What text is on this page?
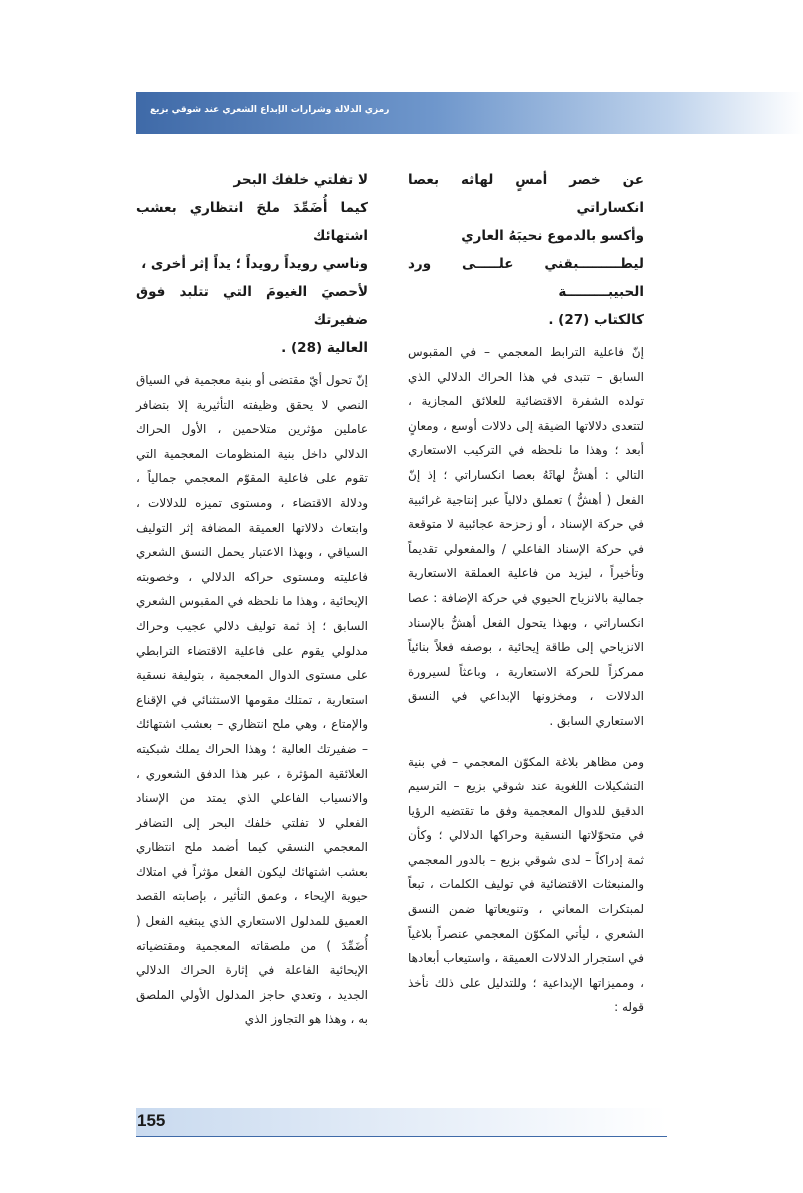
رمزي الدلالة وشرارات الإبداع الشعري عند شوقي بزيع

عن خصر أمسٍ لهاثه بعصا انكساراتي

وأكسو بالدموع نحيبَهُ العاري

ليطـــــــــبقني علـــــى ورد الحبيبـــــــــة

كالكتاب (27) .

إنّ فاعلية الترابط المعجمي – في المقبوس السابق – تتبدى في هذا الحراك الدلالي الذي تولده الشفرة الاقتضائية للعلائق المجازية ، لتتعدى دلالاتها الضيقة إلى دلالات أوسع ، ومعانٍ أبعد ؛ وهذا ما نلحظه في التركيب الاستعاري التالي : أهشُّ لهاثَهُ بعصا انكساراتي ؛ إذ إنّ الفعل ( أهشُّ ) تعملق دلالياً عبر إنتاجية غرائبية في حركة الإسناد ، أو زحزحة عجائبية لا متوقعة في حركة الإسناد الفاعلي / والمفعولي تقديماً وتأخيراً ، ليزيد من فاعلية العملقة الاستعارية جمالية بالانزياح الحيوي في حركة الإضافة : عصا انكساراتي ، وبهذا يتحول الفعل أهشُّ بالإسناد الانزياحي إلى طاقة إيحائية ، بوصفه فعلاً بنائياً ممركزاً للحركة الاستعارية ، وباعثاً لسيرورة الدلالات ، ومخزونها الإبداعي في النسق الاستعاري السابق .

ومن مظاهر بلاغة المكوّن المعجمي – في بنية التشكيلات اللغوية عند شوقي بزيع – الترسيم الدقيق للدوال المعجمية وفق ما تقتضيه الرؤيا في متحوّلاتها النسقية وحراكها الدلالي ؛ وكأن ثمة إدراكاً – لدى شوقي بزيع – بالدور المعجمي والمنبعثات الاقتضائية في توليف الكلمات ، تبعاً لمبتكرات المعاني ، وتنويعاتها ضمن النسق الشعري ، ليأتي المكوّن المعجمي عنصراً بلاغياً في استجرار الدلالات العميقة ، واستيعاب أبعادها ، ومميزاتها الإبداعية ؛ وللتدليل على ذلك نأخذ قوله :

لا تفلتي خلفك البحر

كيما أُضَمِّدَ ملحَ انتظاري بعشب اشتهائك

وناسي رويداً رويداً ؛ يداً إثر أخرى ،

لأحصيَ الغيومَ التي تتلبد فوق ضفيرتك

العالية (28) .

إنّ تحول أيّ مقتضى أو بنية معجمية في السياق النصي لا يحقق وظيفته التأثيرية إلا بتضافر عاملين مؤثرين متلاحمين ، الأول الحراك الدلالي داخل بنية المنظومات المعجمية التي تقوم على فاعلية المقوّم المعجمي جمالياً ، ودلالة الاقتضاء ، ومستوى تميزه للدلالات ، وابتعاث دلالاتها العميقة المضافة إثر التوليف السياقي ، وبهذا الاعتبار يحمل النسق الشعري فاعليته ومستوى حراكه الدلالي ، وخصوبته الإيحائية ، وهذا ما نلحظه في المقبوس الشعري السابق ؛ إذ ثمة توليف دلالي عجيب وحراك مدلولي يقوم على فاعلية الاقتضاء الترابطي على مستوى الدوال المعجمية ، بتوليفة نسقية استعارية ، تمتلك مقومها الاستثنائي في الإقناع والإمتاع ، وهي ملح انتظاري – بعشب اشتهائك – ضفيرتك العالية ؛ وهذا الحراك يملك شبكيته العلائقية المؤثرة ، عبر هذا الدفق الشعوري ، والانسياب الفاعلي الذي يمتد من الإسناد الفعلي لا تفلتي خلفك البحر إلى التضافر المعجمي النسقي كيما أضمد ملح انتظاري بعشب اشتهائك ليكون الفعل مؤثراً في امتلاك حيوية الإيحاء ، وعمق التأثير ، بإصابته القصد العميق للمدلول الاستعاري الذي يبتغيه الفعل ( أُضَمِّدَ ) من ملصقاته المعجمية ومقتضياته الإيحائية الفاعلة في إثارة الحراك الدلالي الجديد ، وتعدي حاجز المدلول الأولي الملصق به ، وهذا هو التجاوز الذي

155
